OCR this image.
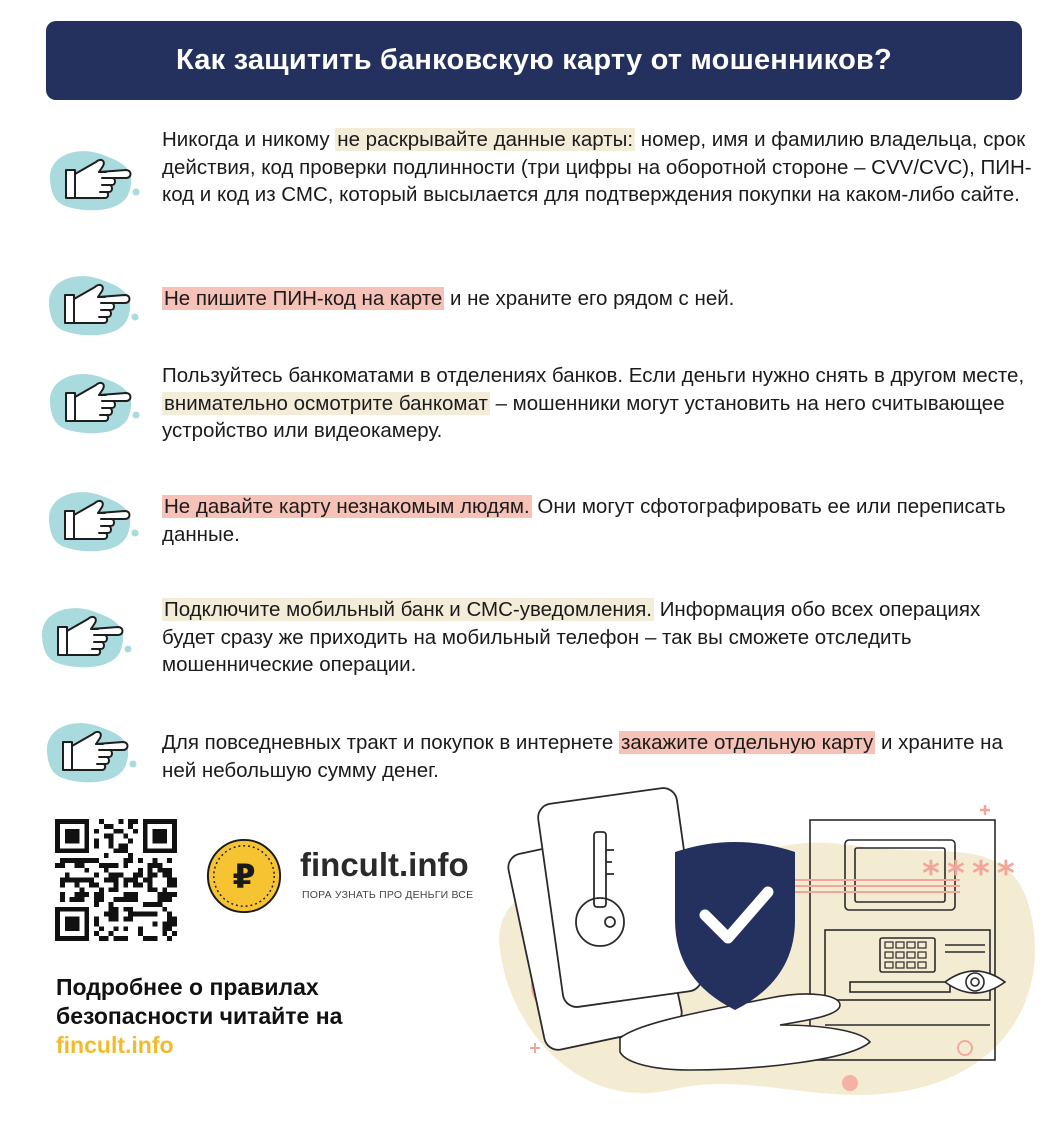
Как защитить банковскую карту от мошенников?
Никогда и никому не раскрывайте данные карты: номер, имя и фамилию владельца, срок действия, код проверки подлинности (три цифры на оборотной стороне – CVV/CVC), ПИН-код и код из СМС, который высылается для подтверждения покупки на каком-либо сайте.
Не пишите ПИН-код на карте и не храните его рядом с ней.
Пользуйтесь банкоматами в отделениях банков. Если деньги нужно снять в другом месте, внимательно осмотрите банкомат – мошенники могут установить на него считывающее устройство или видеокамеру.
Не давайте карту незнакомым людям. Они могут сфотографировать ее или переписать данные.
Подключите мобильный банк и СМС-уведомления. Информация обо всех операциях будет сразу же приходить на мобильный телефон – так вы сможете отследить мошеннические операции.
Для повседневных тракт и покупок в интернете закажите отдельную карту и храните на ней небольшую сумму денег.
₽ fincult.info
ПОРА УЗНАТЬ ПРО ДЕНЬГИ ВСЕ
Подробнее о правилах
безопасности читайте на
fincult.info
* * * *
